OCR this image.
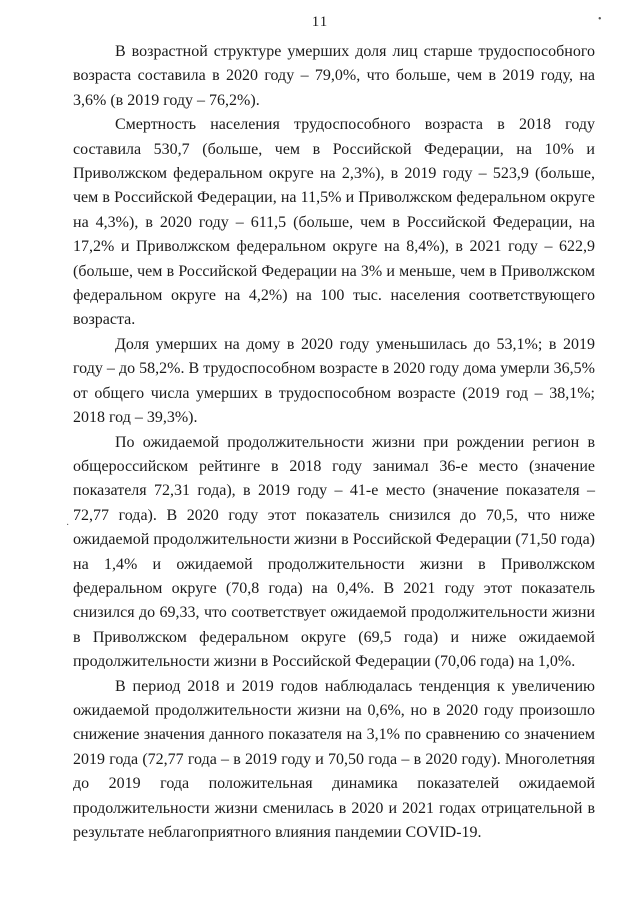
11

В возрастной структуре умерших доля лиц старше трудоспособного возраста составила в 2020 году – 79,0%, что больше, чем в 2019 году, на 3,6% (в 2019 году – 76,2%).

Смертность населения трудоспособного возраста в 2018 году составила 530,7 (больше, чем в Российской Федерации, на 10% и Приволжском федеральном округе на 2,3%), в 2019 году – 523,9 (больше, чем в Российской Федерации, на 11,5% и Приволжском федеральном округе на 4,3%), в 2020 году – 611,5 (больше, чем в Российской Федерации, на 17,2% и Приволжском федеральном округе на 8,4%), в 2021 году – 622,9 (больше, чем в Российской Федерации на 3% и меньше, чем в Приволжском федеральном округе на 4,2%) на 100 тыс. населения соответствующего возраста.

Доля умерших на дому в 2020 году уменьшилась до 53,1%; в 2019 году – до 58,2%. В трудоспособном возрасте в 2020 году дома умерли 36,5% от общего числа умерших в трудоспособном возрасте (2019 год – 38,1%; 2018 год – 39,3%).

По ожидаемой продолжительности жизни при рождении регион в общероссийском рейтинге в 2018 году занимал 36-е место (значение показателя 72,31 года), в 2019 году – 41-е место (значение показателя – 72,77 года). В 2020 году этот показатель снизился до 70,5, что ниже ожидаемой продолжительности жизни в Российской Федерации (71,50 года) на 1,4% и ожидаемой продолжительности жизни в Приволжском федеральном округе (70,8 года) на 0,4%. В 2021 году этот показатель снизился до 69,33, что соответствует ожидаемой продолжительности жизни в Приволжском федеральном округе (69,5 года) и ниже ожидаемой продолжительности жизни в Российской Федерации (70,06 года) на 1,0%.

В период 2018 и 2019 годов наблюдалась тенденция к увеличению ожидаемой продолжительности жизни на 0,6%, но в 2020 году произошло снижение значения данного показателя на 3,1% по сравнению со значением 2019 года (72,77 года – в 2019 году и 70,50 года – в 2020 году). Многолетняя до 2019 года положительная динамика показателей ожидаемой продолжительности жизни сменилась в 2020 и 2021 годах отрицательной в результате неблагоприятного влияния пандемии COVID-19.

•
·
